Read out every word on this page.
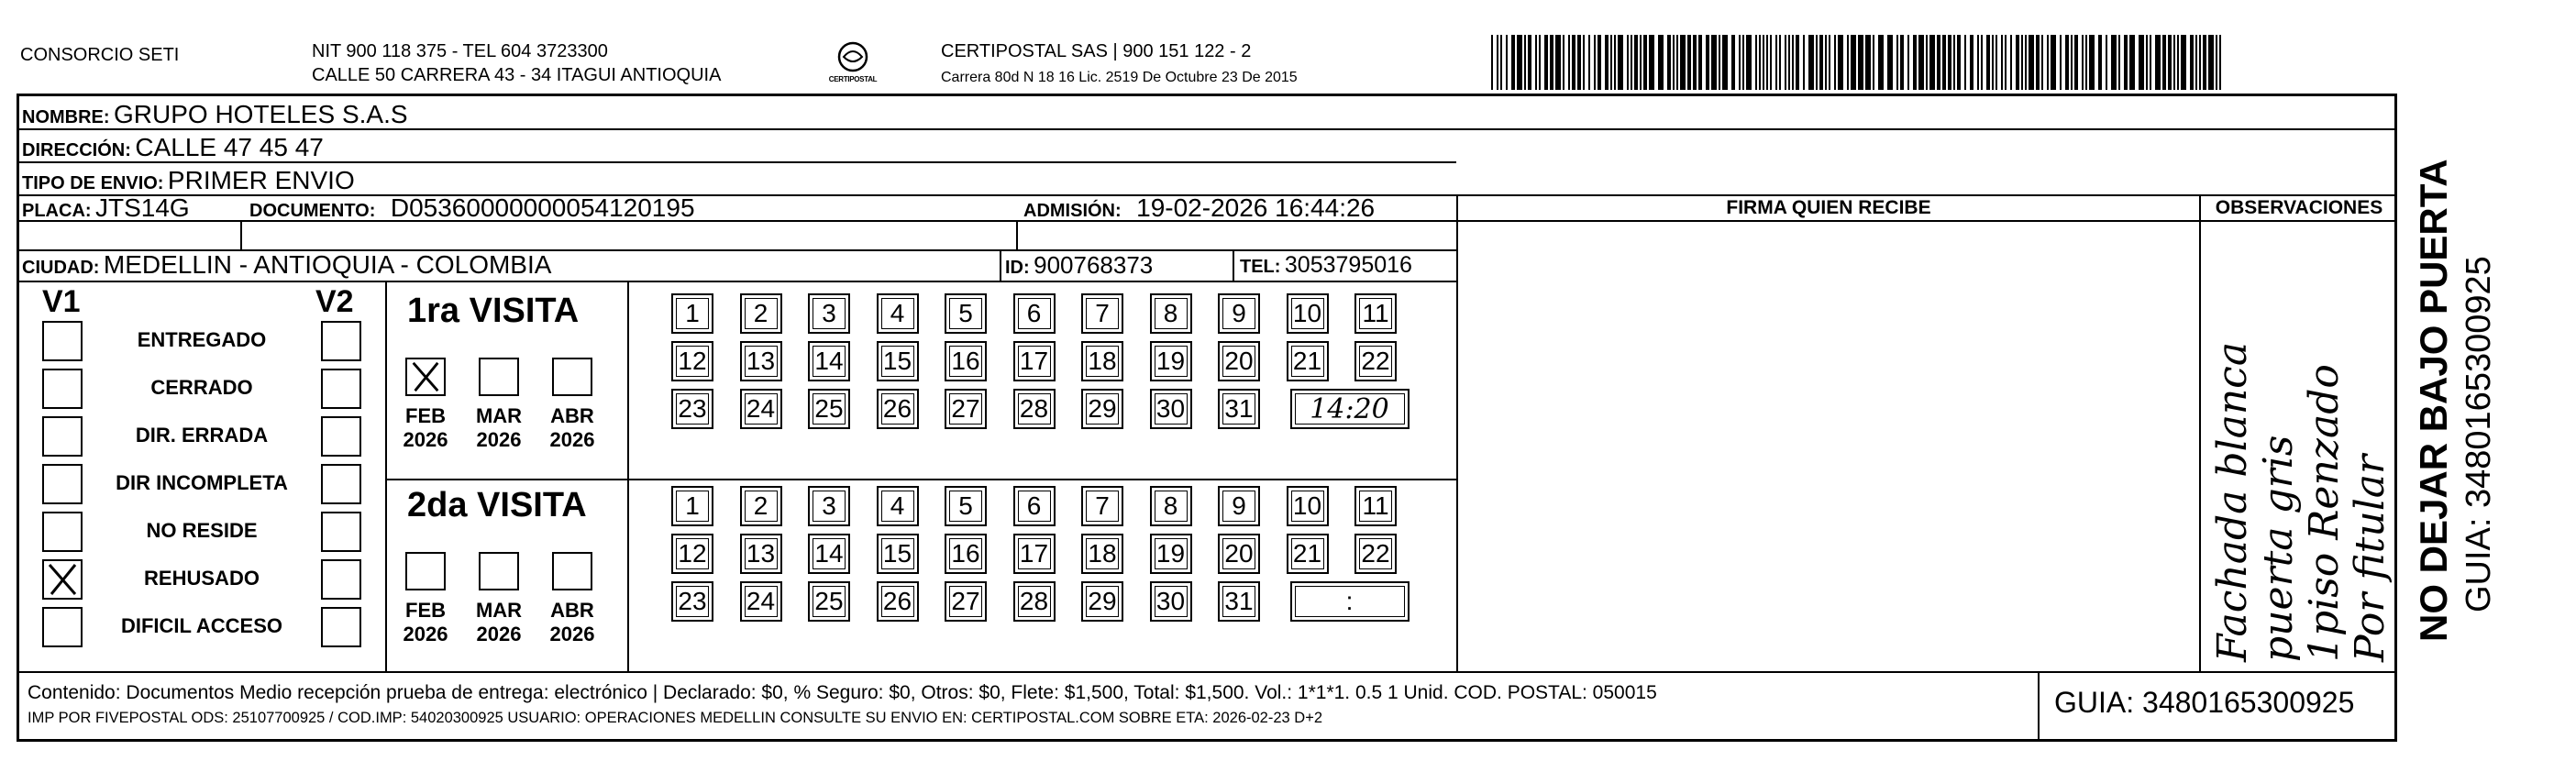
CONSORCIO SETI	NIT 900 118 375 - TEL 604 3723300
CALLE 50 CARRERA 43 - 34 ITAGUI ANTIOQUIA	CERTIPOSTAL
CERTIPOSTAL SAS | 900 151 122 - 2
Carrera 80d N 18 16 Lic. 2519 De Octubre 23 De 2015
NOMBRE: GRUPO HOTELES S.A.S
DIRECCIÓN: CALLE 47 45 47
TIPO DE ENVIO: PRIMER ENVIO
PLACA: JTS14G	DOCUMENTO: D05360000000054120195	ADMISIÓN: 19-02-2026 16:44:26
CIUDAD: MEDELLIN - ANTIOQUIA - COLOMBIA	ID: 900768373	TEL: 3053795016
FIRMA QUIEN RECIBE	OBSERVACIONES
Fachada blanca puerta gris 1piso Renzado Por fitular NO DEJAR BAJO PUERTA GUIA: 3480165300925
V1	V2
ENTREGADO
CERRADO
DIR. ERRADA
DIR INCOMPLETA
NO RESIDE
REHUSADO
DIFICIL ACCESO
1ra VISITA
FEB
2026
MAR
2026
ABR
2026
1	2	3	4	5	6	7	8	9	10	11
12 13 14 15 16 17 18 19 20 21 22
23 24 25 26 27 28 29 30 31	14:20
2da VISITA
FEB
2026
MAR
2026
ABR
2026
1	2	3	4	5	6	7	8	9	10	11
12 13 14 15 16 17 18 19 20 21 22
23 24 25 26 27 28 29 30 31	:
Contenido: Documentos Medio recepción prueba de entrega: electrónico | Declarado: $0, % Seguro: $0, Otros: $0, Flete: $1,500, Total: $1,500. Vol.: 1*1*1. 0.5 1 Unid. COD. POSTAL: 050015
IMP POR FIVEPOSTAL ODS: 25107700925 / COD.IMP: 54020300925 USUARIO: OPERACIONES MEDELLIN CONSULTE SU ENVIO EN: CERTIPOSTAL.COM SOBRE ETA: 2026-02-23 D+2	GUIA: 3480165300925
